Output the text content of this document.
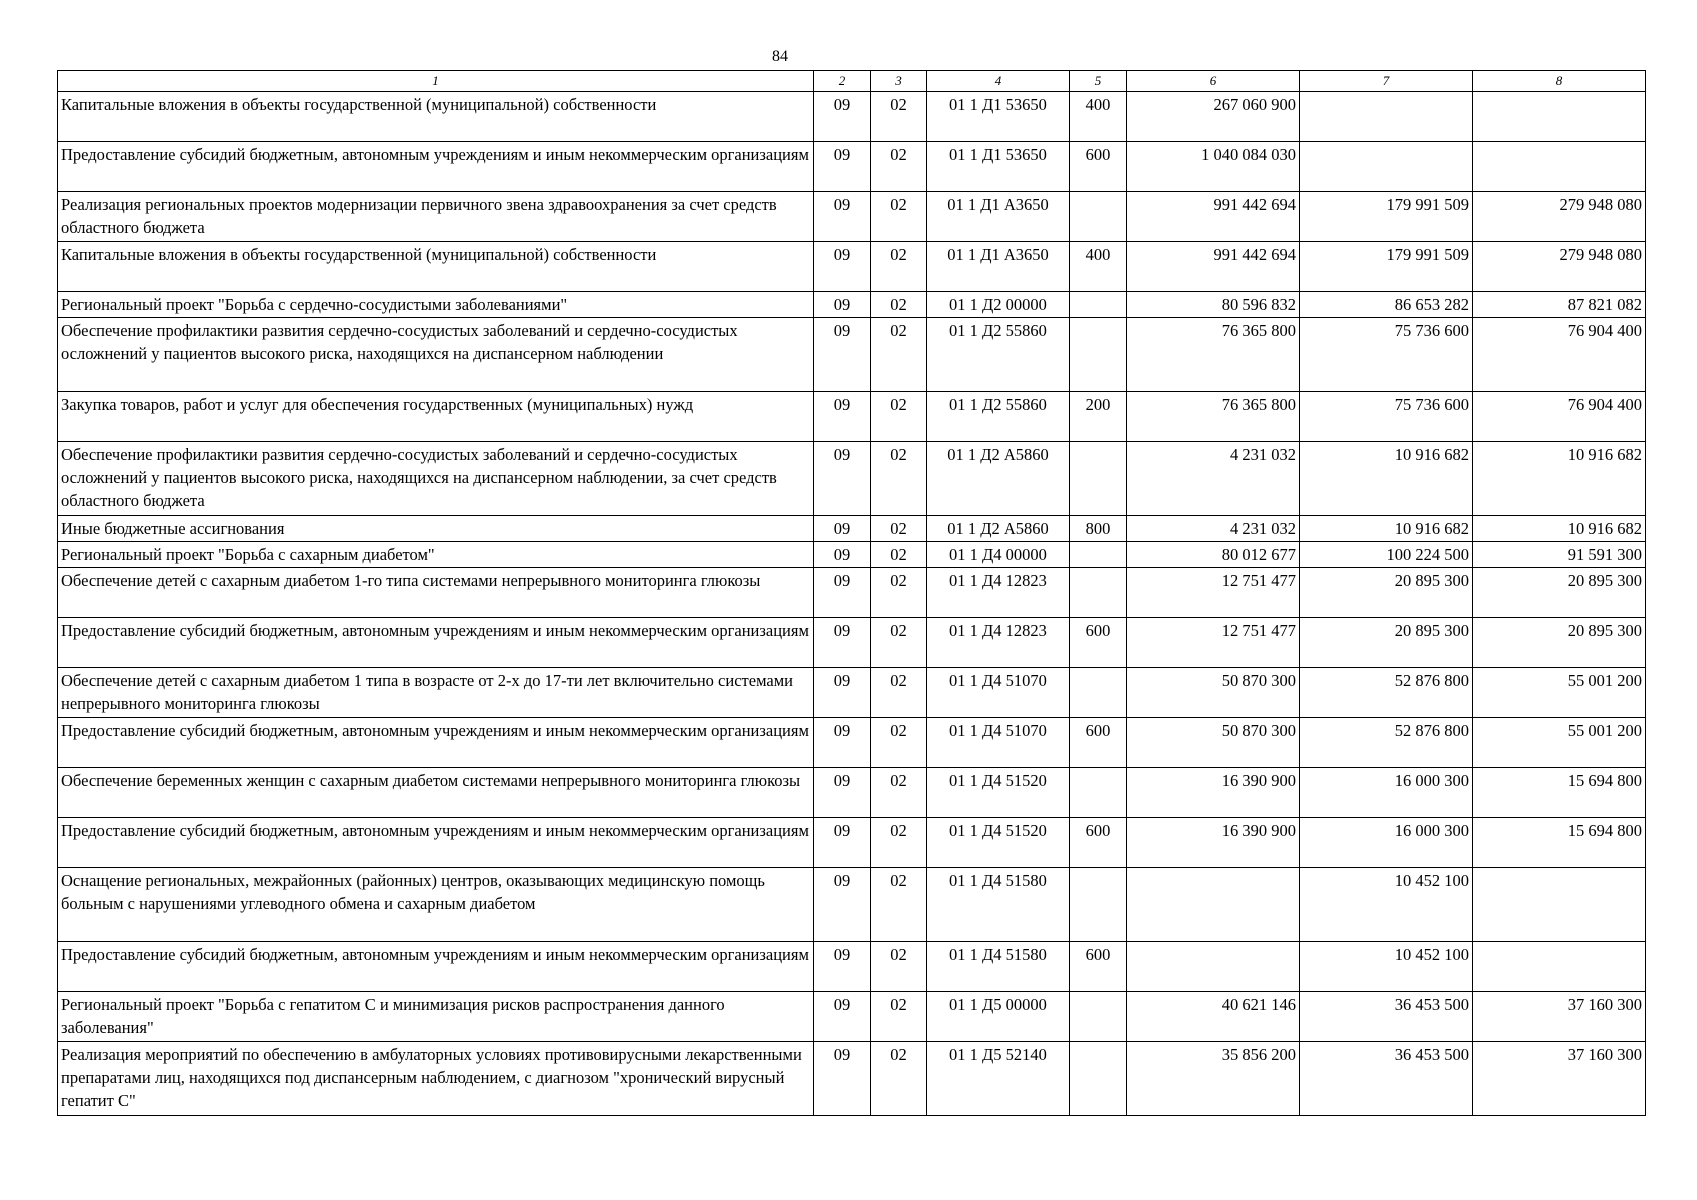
84
1	2	3	4	5	6	7	8
Капитальные вложения в объекты государственной (муниципальной) собственности	09	02	01 1 Д1 53650	400	267 060 900		
Предоставление субсидий бюджетным, автономным учреждениям и иным некоммерческим организациям	09	02	01 1 Д1 53650	600	1 040 084 030		
Реализация региональных проектов модернизации первичного звена здравоохранения за счет средств областного бюджета	09	02	01 1 Д1 А3650		991 442 694	179 991 509	279 948 080
Капитальные вложения в объекты государственной (муниципальной) собственности	09	02	01 1 Д1 А3650	400	991 442 694	179 991 509	279 948 080
Региональный проект "Борьба с сердечно-сосудистыми заболеваниями"	09	02	01 1 Д2 00000		80 596 832	86 653 282	87 821 082
Обеспечение профилактики развития сердечно-сосудистых заболеваний и сердечно-сосудистых осложнений у пациентов высокого риска, находящихся на диспансерном наблюдении	09	02	01 1 Д2 55860		76 365 800	75 736 600	76 904 400
Закупка товаров, работ и услуг для обеспечения государственных (муниципальных) нужд	09	02	01 1 Д2 55860	200	76 365 800	75 736 600	76 904 400
Обеспечение профилактики развития сердечно-сосудистых заболеваний и сердечно-сосудистых осложнений у пациентов высокого риска, находящихся на диспансерном наблюдении, за счет средств областного бюджета	09	02	01 1 Д2 А5860		4 231 032	10 916 682	10 916 682
Иные бюджетные ассигнования	09	02	01 1 Д2 А5860	800	4 231 032	10 916 682	10 916 682
Региональный проект "Борьба с сахарным диабетом"	09	02	01 1 Д4 00000		80 012 677	100 224 500	91 591 300
Обеспечение детей с сахарным диабетом 1-го типа системами непрерывного мониторинга глюкозы	09	02	01 1 Д4 12823		12 751 477	20 895 300	20 895 300
Предоставление субсидий бюджетным, автономным учреждениям и иным некоммерческим организациям	09	02	01 1 Д4 12823	600	12 751 477	20 895 300	20 895 300
Обеспечение детей с сахарным диабетом 1 типа в возрасте от 2-х до 17-ти лет включительно системами непрерывного мониторинга глюкозы	09	02	01 1 Д4 51070		50 870 300	52 876 800	55 001 200
Предоставление субсидий бюджетным, автономным учреждениям и иным некоммерческим организациям	09	02	01 1 Д4 51070	600	50 870 300	52 876 800	55 001 200
Обеспечение беременных женщин с сахарным диабетом системами непрерывного мониторинга глюкозы	09	02	01 1 Д4 51520		16 390 900	16 000 300	15 694 800
Предоставление субсидий бюджетным, автономным учреждениям и иным некоммерческим организациям	09	02	01 1 Д4 51520	600	16 390 900	16 000 300	15 694 800
Оснащение региональных, межрайонных (районных) центров, оказывающих медицинскую помощь больным с нарушениями углеводного обмена и сахарным диабетом	09	02	01 1 Д4 51580			10 452 100	
Предоставление субсидий бюджетным, автономным учреждениям и иным некоммерческим организациям	09	02	01 1 Д4 51580	600		10 452 100	
Региональный проект "Борьба с гепатитом С и минимизация рисков распространения данного заболевания"	09	02	01 1 Д5 00000		40 621 146	36 453 500	37 160 300
Реализация мероприятий по обеспечению в амбулаторных условиях противовирусными лекарственными препаратами лиц, находящихся под диспансерным наблюдением, с диагнозом "хронический вирусный гепатит С"	09	02	01 1 Д5 52140		35 856 200	36 453 500	37 160 300
